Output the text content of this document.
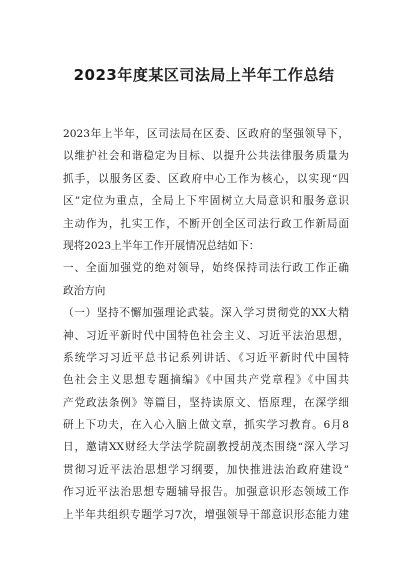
2023年度某区司法局上半年工作总结
2023年上半年，区司法局在区委、区政府的坚强领导下，
以维护社会和谐稳定为目标、以提升公共法律服务质量为
抓手，以服务区委、区政府中心工作为核心，以实现“四
区”定位为重点，全局上下牢固树立大局意识和服务意识
主动作为，扎实工作，不断开创全区司法行政工作新局面
现将2023上半年工作开展情况总结如下：
一、全面加强党的绝对领导，始终保持司法行政工作正确
政治方向
（一）坚持不懈加强理论武装。深入学习贯彻党的XX大精
神、习近平新时代中国特色社会主义、习近平法治思想，
系统学习习近平总书记系列讲话、《习近平新时代中国特
色社会主义思想专题摘编》《中国共产党章程》《中国共
产党政法条例》等篇目，坚持读原文、悟原理，在深学细
研上下功夫，在入心入脑上做文章，抓实学习教育。6月8
日，邀请XX财经大学法学院副教授胡茂杰围绕“深入学习
贯彻习近平法治思想学习纲要，加快推进法治政府建设”
作习近平法治思想专题辅导报告。加强意识形态领域工作
上半年共组织专题学习7次，增强领导干部意识形态能力建
